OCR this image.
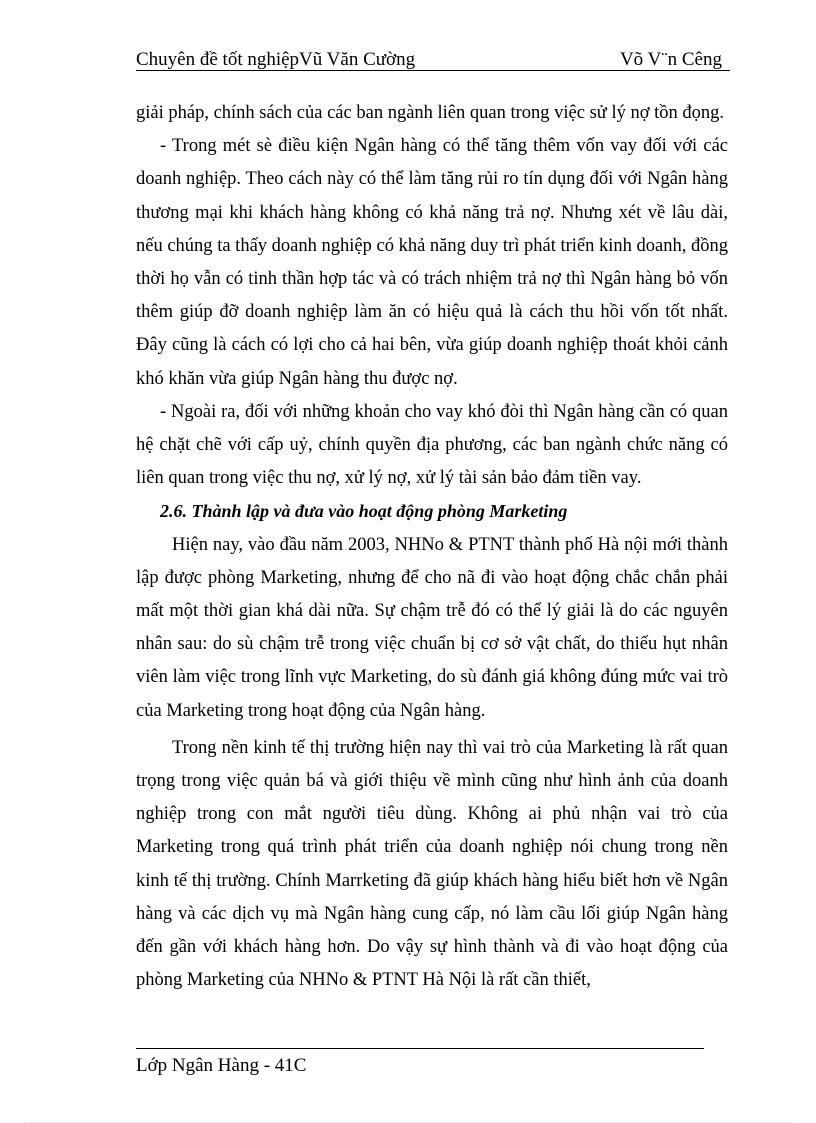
Chuyên đề tốt nghiệpVũ Văn Cường	Võ V¨n Cêng

giải pháp, chính sách của các ban ngành liên quan trong việc sử lý nợ tồn đọng.

- Trong mét sè điều kiện Ngân hàng có thể tăng thêm vốn vay đối với các doanh nghiệp. Theo cách này có thể làm tăng rủi ro tín dụng đối với Ngân hàng thương mại khi khách hàng không có khả năng trả nợ. Nhưng xét về lâu dài, nếu chúng ta thấy doanh nghiệp có khả năng duy trì phát triển kinh doanh, đồng thời họ vẫn có tinh thần hợp tác và có trách nhiệm trả nợ thì Ngân hàng bỏ vốn thêm giúp đỡ doanh nghiệp làm ăn có hiệu quả là cách thu hồi vốn tốt nhất. Đây cũng là cách có lợi cho cả hai bên, vừa giúp doanh nghiệp thoát khỏi cảnh khó khăn vừa giúp Ngân hàng thu được nợ.

- Ngoài ra, đối với những khoản cho vay khó đòi thì Ngân hàng cần có quan hệ chặt chẽ với cấp uỷ, chính quyền địa phương, các ban ngành chức năng có liên quan trong việc thu nợ, xử lý nợ, xử lý tài sản bảo đảm tiền vay.

2.6. Thành lập và đưa vào hoạt động phòng Marketing

Hiện nay, vào đầu năm 2003, NHNo & PTNT thành phố Hà nội mới thành lập được phòng Marketing, nhưng để cho nã đi vào hoạt động chắc chắn phải mất một thời gian khá dài nữa. Sự chậm trễ đó có thể lý giải là do các nguyên nhân sau: do sù chậm trễ trong việc chuẩn bị cơ sở vật chất, do thiếu hụt nhân viên làm việc trong lĩnh vực Marketing, do sù đánh giá không đúng mức vai trò của Marketing trong hoạt động của Ngân hàng.

Trong nền kinh tế thị trường hiện nay thì vai trò của Marketing là rất quan trọng trong việc quản bá và giới thiệu về mình cũng như hình ảnh của doanh nghiệp trong con mắt người tiêu dùng. Không ai phủ nhận vai trò của Marketing trong quá trình phát triển của doanh nghiệp nói chung trong nền kinh tế thị trường. Chính Marrketing đã giúp khách hàng hiểu biết hơn về Ngân hàng và các dịch vụ mà Ngân hàng cung cấp, nó làm cầu lối giúp Ngân hàng đến gần với khách hàng hơn. Do vậy sự hình thành và đi vào hoạt động của phòng Marketing của NHNo & PTNT Hà Nội là rất cần thiết,

Lớp Ngân Hàng - 41C
